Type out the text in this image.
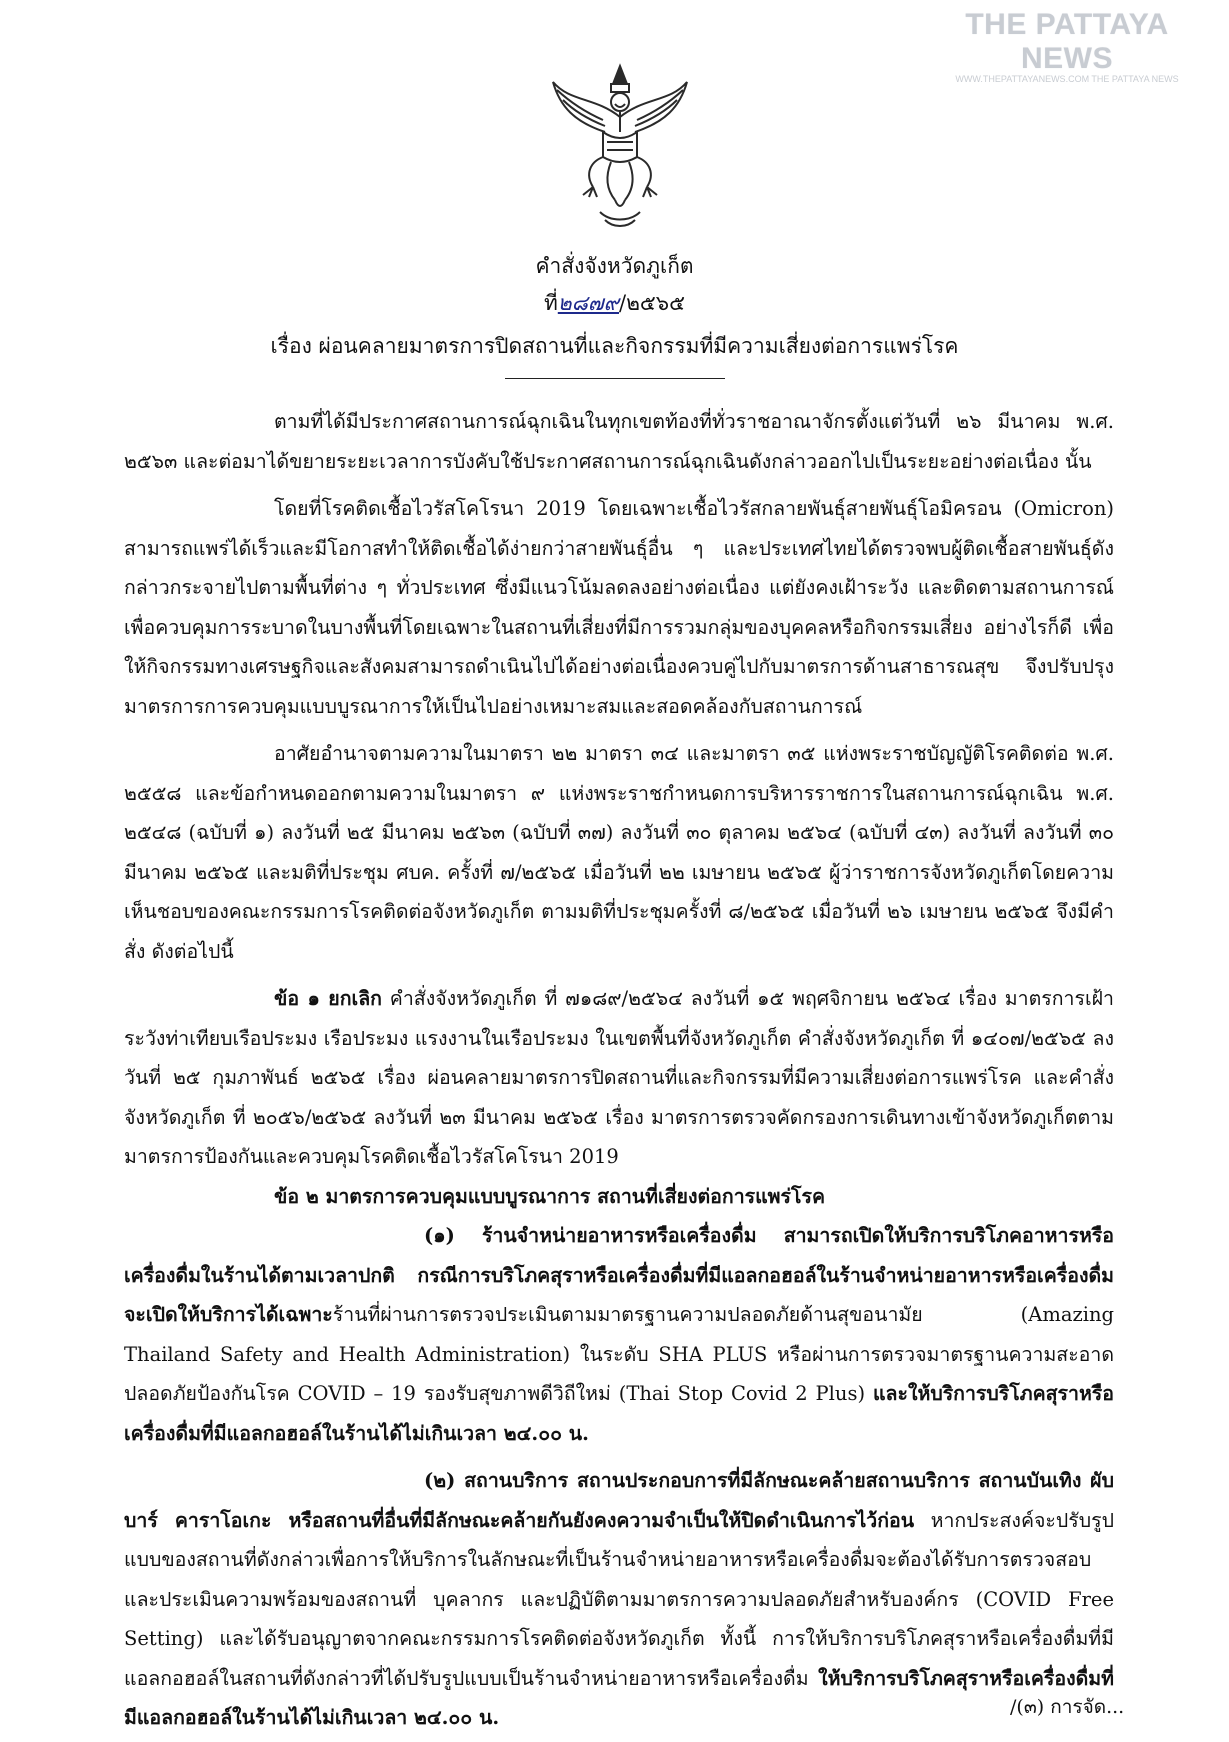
THE PATTAYA NEWS
WWW.THEPATTAYANEWS.COM THE PATTAYA NEWS
คำสั่งจังหวัดภูเก็ต
ที่๒๘๗๙/๒๕๖๕
เรื่อง ผ่อนคลายมาตรการปิดสถานที่และกิจกรรมที่มีความเสี่ยงต่อการแพร่โรค

ตามที่ได้มีประกาศสถานการณ์ฉุกเฉินในทุกเขตท้องที่ทั่วราชอาณาจักรตั้งแต่วันที่ ๒๖ มีนาคม พ.ศ. ๒๕๖๓ และต่อมาได้ขยายระยะเวลาการบังคับใช้ประกาศสถานการณ์ฉุกเฉินดังกล่าวออกไปเป็นระยะอย่างต่อเนื่อง นั้น

โดยที่โรคติดเชื้อไวรัสโคโรนา 2019 โดยเฉพาะเชื้อไวรัสกลายพันธุ์สายพันธุ์โอมิครอน (Omicron) สามารถแพร่ได้เร็วและมีโอกาสทำให้ติดเชื้อได้ง่ายกว่าสายพันธุ์อื่น ๆ และประเทศไทยได้ตรวจพบผู้ติดเชื้อสายพันธุ์ดังกล่าวกระจายไปตามพื้นที่ต่าง ๆ ทั่วประเทศ ซึ่งมีแนวโน้มลดลงอย่างต่อเนื่อง แต่ยังคงเฝ้าระวัง และติดตามสถานการณ์ เพื่อควบคุมการระบาดในบางพื้นที่โดยเฉพาะในสถานที่เสี่ยงที่มีการรวมกลุ่มของบุคคลหรือกิจกรรมเสี่ยง อย่างไรก็ดี เพื่อให้กิจกรรมทางเศรษฐกิจและสังคมสามารถดำเนินไปได้อย่างต่อเนื่องควบคู่ไปกับมาตรการด้านสาธารณสุข จึงปรับปรุงมาตรการการควบคุมแบบบูรณาการให้เป็นไปอย่างเหมาะสมและสอดคล้องกับสถานการณ์

อาศัยอำนาจตามความในมาตรา ๒๒ มาตรา ๓๔ และมาตรา ๓๕ แห่งพระราชบัญญัติโรคติดต่อ พ.ศ. ๒๕๕๘ และข้อกำหนดออกตามความในมาตรา ๙ แห่งพระราชกำหนดการบริหารราชการในสถานการณ์ฉุกเฉิน พ.ศ. ๒๕๔๘ (ฉบับที่ ๑) ลงวันที่ ๒๕ มีนาคม ๒๕๖๓ (ฉบับที่ ๓๗) ลงวันที่ ๓๐ ตุลาคม ๒๕๖๔ (ฉบับที่ ๔๓) ลงวันที่ ลงวันที่ ๓๐ มีนาคม ๒๕๖๕ และมติที่ประชุม ศบค. ครั้งที่ ๗/๒๕๖๕ เมื่อวันที่ ๒๒ เมษายน ๒๕๖๕ ผู้ว่าราชการจังหวัดภูเก็ตโดยความเห็นชอบของคณะกรรมการโรคติดต่อจังหวัดภูเก็ต ตามมติที่ประชุมครั้งที่ ๘/๒๕๖๕ เมื่อวันที่ ๒๖ เมษายน ๒๕๖๕ จึงมีคำสั่ง ดังต่อไปนี้

ข้อ ๑ ยกเลิก คำสั่งจังหวัดภูเก็ต ที่ ๗๑๘๙/๒๕๖๔ ลงวันที่ ๑๕ พฤศจิกายน ๒๕๖๔ เรื่อง มาตรการเฝ้าระวังท่าเทียบเรือประมง เรือประมง แรงงานในเรือประมง ในเขตพื้นที่จังหวัดภูเก็ต คำสั่งจังหวัดภูเก็ต ที่ ๑๔๐๗/๒๕๖๕ ลงวันที่ ๒๕ กุมภาพันธ์ ๒๕๖๕ เรื่อง ผ่อนคลายมาตรการปิดสถานที่และกิจกรรมที่มีความเสี่ยงต่อการแพร่โรค และคำสั่งจังหวัดภูเก็ต ที่ ๒๐๕๖/๒๕๖๕ ลงวันที่ ๒๓ มีนาคม ๒๕๖๕ เรื่อง มาตรการตรวจคัดกรองการเดินทางเข้าจังหวัดภูเก็ตตามมาตรการป้องกันและควบคุมโรคติดเชื้อไวรัสโคโรนา 2019

ข้อ ๒ มาตรการควบคุมแบบบูรณาการ สถานที่เสี่ยงต่อการแพร่โรค

(๑) ร้านจำหน่ายอาหารหรือเครื่องดื่ม สามารถเปิดให้บริการบริโภคอาหารหรือเครื่องดื่มในร้านได้ตามเวลาปกติ กรณีการบริโภคสุราหรือเครื่องดื่มที่มีแอลกอฮอล์ในร้านจำหน่ายอาหารหรือเครื่องดื่ม จะเปิดให้บริการได้เฉพาะร้านที่ผ่านการตรวจประเมินตามมาตรฐานความปลอดภัยด้านสุขอนามัย (Amazing Thailand Safety and Health Administration) ในระดับ SHA PLUS หรือผ่านการตรวจมาตรฐานความสะอาดปลอดภัยป้องกันโรค COVID – 19 รองรับสุขภาพดีวิถีใหม่ (Thai Stop Covid 2 Plus) และให้บริการบริโภคสุราหรือเครื่องดื่มที่มีแอลกอฮอล์ในร้านได้ไม่เกินเวลา ๒๔.๐๐ น.

(๒) สถานบริการ สถานประกอบการที่มีลักษณะคล้ายสถานบริการ สถานบันเทิง ผับ บาร์ คาราโอเกะ หรือสถานที่อื่นที่มีลักษณะคล้ายกันยังคงความจำเป็นให้ปิดดำเนินการไว้ก่อน หากประสงค์จะปรับรูปแบบของสถานที่ดังกล่าวเพื่อการให้บริการในลักษณะที่เป็นร้านจำหน่ายอาหารหรือเครื่องดื่มจะต้องได้รับการตรวจสอบและประเมินความพร้อมของสถานที่ บุคลากร และปฏิบัติตามมาตรการความปลอดภัยสำหรับองค์กร (COVID Free Setting) และได้รับอนุญาตจากคณะกรรมการโรคติดต่อจังหวัดภูเก็ต ทั้งนี้ การให้บริการบริโภคสุราหรือเครื่องดื่มที่มีแอลกอฮอล์ในสถานที่ดังกล่าวที่ได้ปรับรูปแบบเป็นร้านจำหน่ายอาหารหรือเครื่องดื่ม ให้บริการบริโภคสุราหรือเครื่องดื่มที่มีแอลกอฮอล์ในร้านได้ไม่เกินเวลา ๒๔.๐๐ น.	/(๓) การจัด...
